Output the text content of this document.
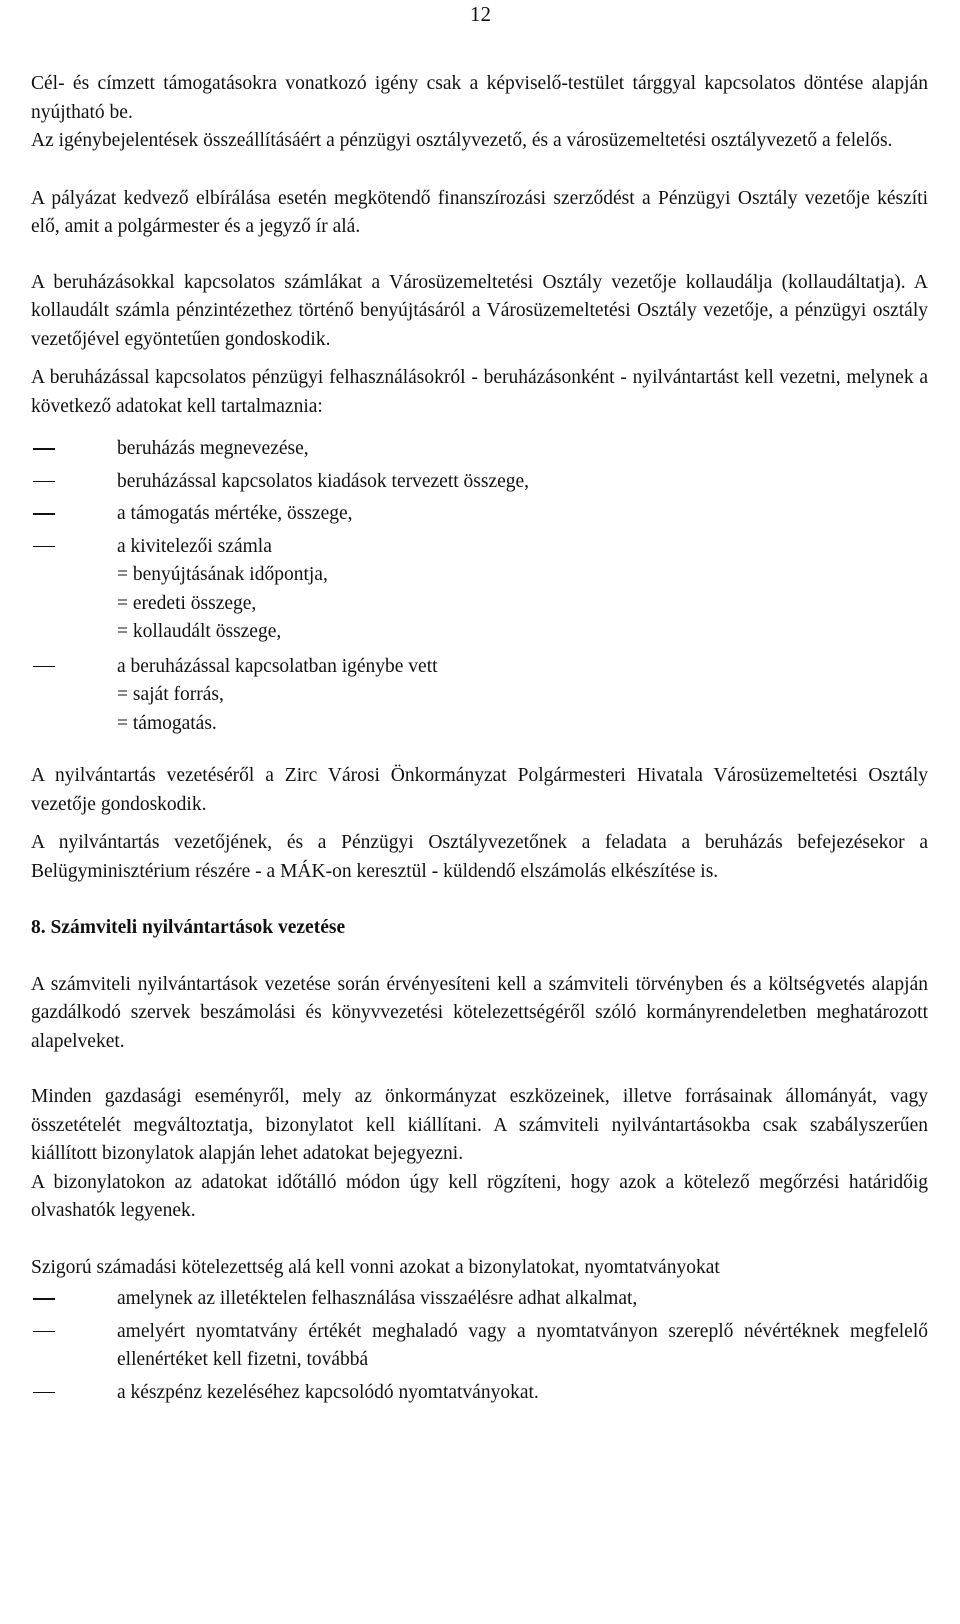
12

Cél- és címzett támogatásokra vonatkozó igény csak a képviselő-testület tárggyal kapcsolatos döntése alapján nyújtható be.

Az igénybejelentések összeállításáért a pénzügyi osztályvezető, és a városüzemeltetési osztályvezető a felelős.

A pályázat kedvező elbírálása esetén megkötendő finanszírozási szerződést a Pénzügyi Osztály vezetője készíti elő, amit a polgármester és a jegyző ír alá.

A beruházásokkal kapcsolatos számlákat a Városüzemeltetési Osztály vezetője kollaudálja (kollaudáltatja). A kollaudált számla pénzintézethez történő benyújtásáról a Városüzemeltetési Osztály vezetője, a pénzügyi osztály vezetőjével egyöntetűen gondoskodik.

A beruházással kapcsolatos pénzügyi felhasználásokról - beruházásonként - nyilvántartást kell vezetni, melynek a következő adatokat kell tartalmaznia:

beruházás megnevezése,
beruházással kapcsolatos kiadások tervezett összege,
a támogatás mértéke, összege,
a kivitelezői számla
= benyújtásának időpontja,
= eredeti összege,
= kollaudált összege,
a beruházással kapcsolatban igénybe vett
= saját forrás,
= támogatás.

A nyilvántartás vezetéséről a Zirc Városi Önkormányzat Polgármesteri Hivatala Városüzemeltetési Osztály vezetője gondoskodik.

A nyilvántartás vezetőjének, és a Pénzügyi Osztályvezetőnek a feladata a beruházás befejezésekor a Belügyminisztérium részére - a MÁK-on keresztül - küldendő elszámolás elkészítése is.

8. Számviteli nyilvántartások vezetése

A számviteli nyilvántartások vezetése során érvényesíteni kell a számviteli törvényben és a költségvetés alapján gazdálkodó szervek beszámolási és könyvvezetési kötelezettségéről szóló kormányrendeletben meghatározott alapelveket.

Minden gazdasági eseményről, mely az önkormányzat eszközeinek, illetve forrásainak állományát, vagy összetételét megváltoztatja, bizonylatot kell kiállítani. A számviteli nyilvántartásokba csak szabályszerűen kiállított bizonylatok alapján lehet adatokat bejegyezni.

A bizonylatokon az adatokat időtálló módon úgy kell rögzíteni, hogy azok a kötelező megőrzési határidőig olvashatók legyenek.

Szigorú számadási kötelezettség alá kell vonni azokat a bizonylatokat, nyomtatványokat

amelynek az illetéktelen felhasználása visszaélésre adhat alkalmat,
amelyért nyomtatvány értékét meghaladó vagy a nyomtatványon szereplő névértéknek megfelelő ellenértéket kell fizetni, továbbá
a készpénz kezeléséhez kapcsolódó nyomtatványokat.
